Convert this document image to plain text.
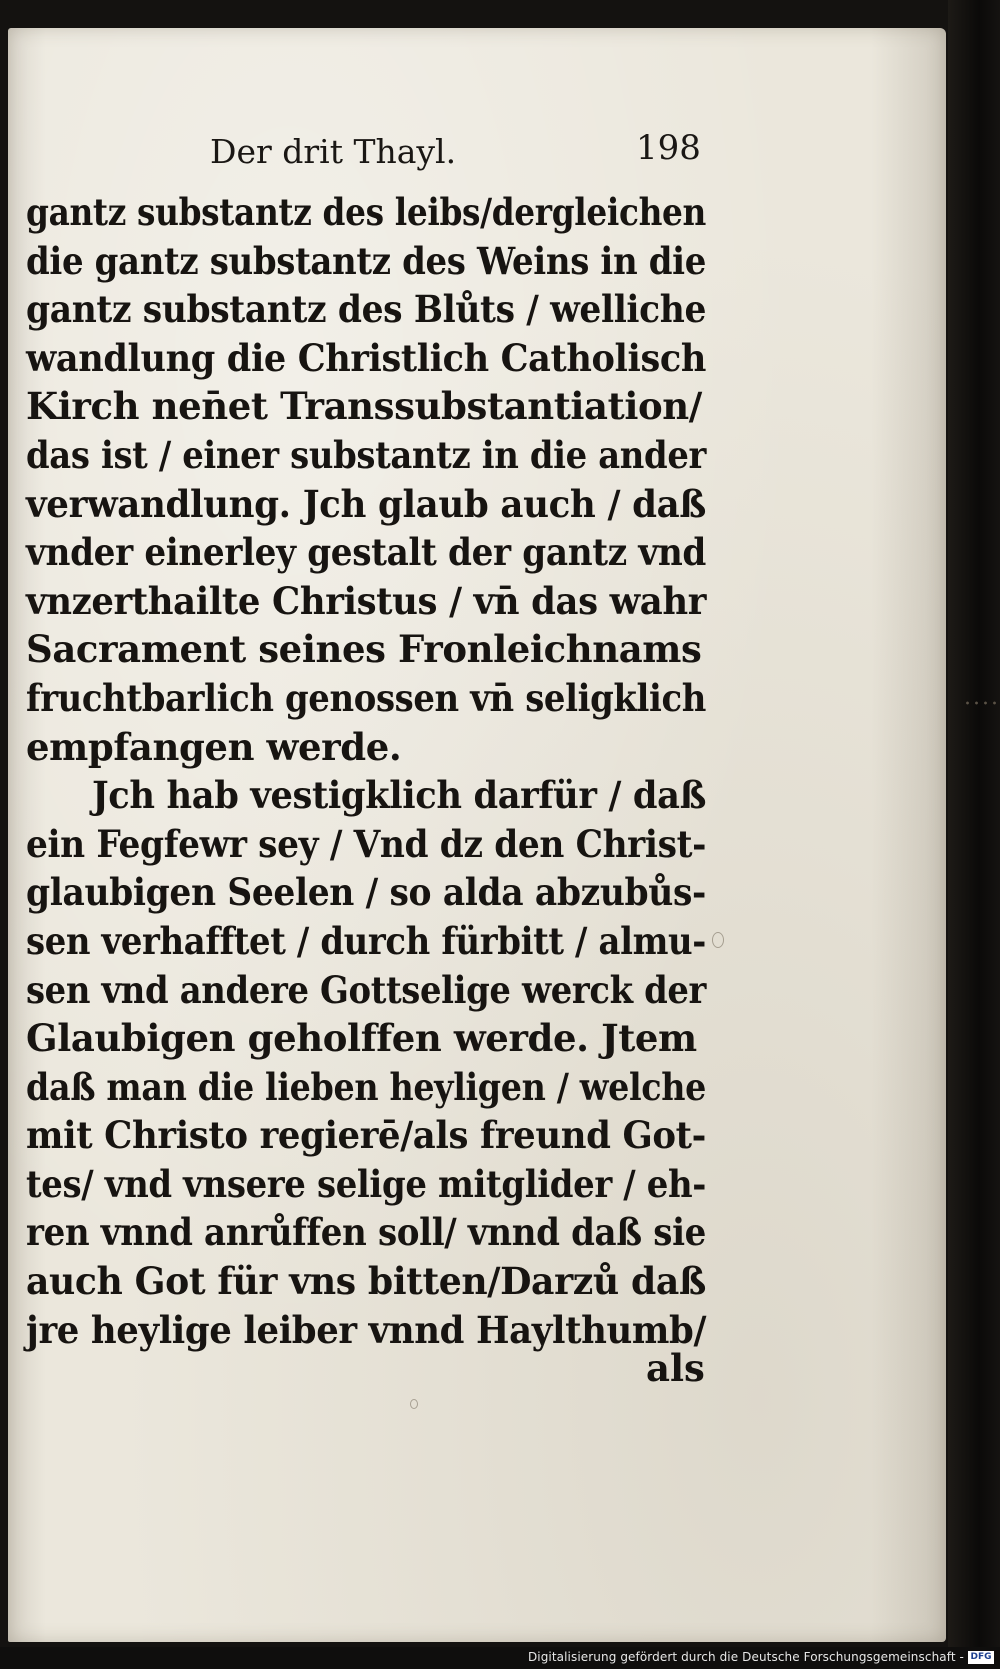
Der drit Thayl.	198
gantz substantz des leibs/dergleichen
die gantz substantz des Weins in die
gantz substantz des Blůts / welliche
wandlung die Christlich Catholisch
Kirch nen̄et Transsubstantiation/
das ist / einer substantz in die ander
verwandlung. Jch glaub auch / daß
vnder einerley gestalt der gantz vnd
vnzerthailte Christus / vn̄ das wahr
Sacrament seines Fronleichnams
fruchtbarlich genossen vn̄ seligklich
empfangen werde.
Jch hab vestigklich darfür / daß
ein Fegfewr sey / Vnd dz den Christ-
glaubigen Seelen / so alda abzubůs-
sen verhafftet / durch fürbitt / almu-
sen vnd andere Gottselige werck der
Glaubigen geholffen werde. Jtem
daß man die lieben heyligen / welche
mit Christo regierē/als freund Got-
tes/ vnd vnsere selige mitglider / eh-
ren vnnd anrůffen soll/ vnnd daß sie
auch Got für vns bitten/Darzů daß
jre heylige leiber vnnd Haylthumb/
als
Digitalisierung gefördert durch die Deutsche Forschungsgemeinschaft - DFG
